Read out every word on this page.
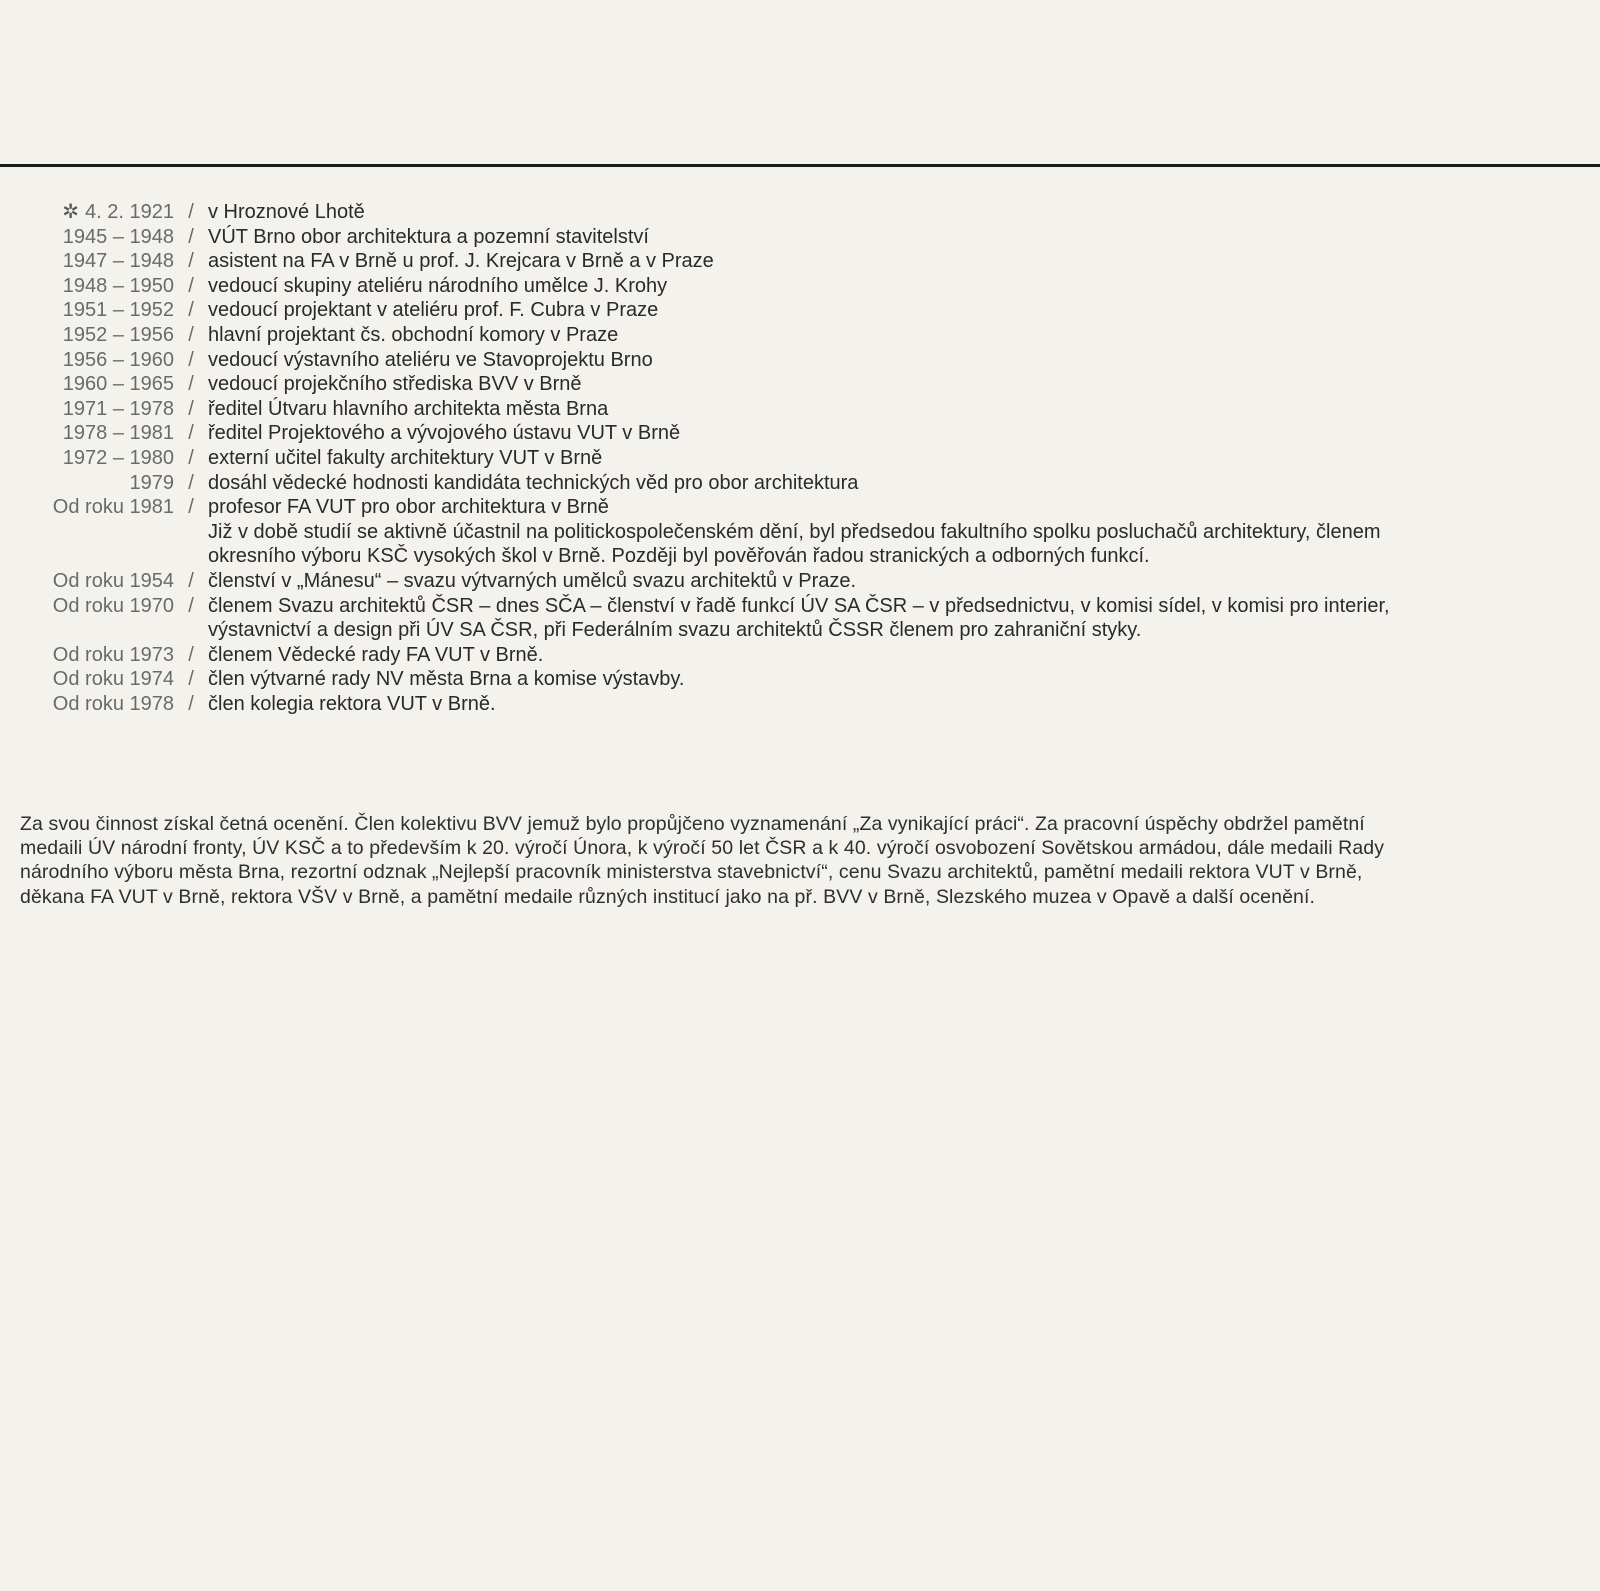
✲ 4. 2. 1921 / v Hroznové Lhotě
1945 – 1948 / VÚT Brno obor architektura a pozemní stavitelství
1947 – 1948 / asistent na FA v Brně u prof. J. Krejcara v Brně a v Praze
1948 – 1950 / vedoucí skupiny ateliéru národního umělce J. Krohy
1951 – 1952 / vedoucí projektant v ateliéru prof. F. Cubra v Praze
1952 – 1956 / hlavní projektant čs. obchodní komory v Praze
1956 – 1960 / vedoucí výstavního ateliéru ve Stavoprojektu Brno
1960 – 1965 / vedoucí projekčního střediska BVV v Brně
1971 – 1978 / ředitel Útvaru hlavního architekta města Brna
1978 – 1981 / ředitel Projektového a vývojového ústavu VUT v Brně
1972 – 1980 / externí učitel fakulty architektury VUT v Brně
1979 / dosáhl vědecké hodnosti kandidáta technických věd pro obor architektura
Od roku 1981 / profesor FA VUT pro obor architektura v Brně
Již v době studií se aktivně účastnil na politickospolečenském dění, byl předsedou fakultního spolku posluchačů architektury, členem okresního výboru KSČ vysokých škol v Brně. Později byl pověřován řadou stranických a odborných funkcí.
Od roku 1954 / členství v „Mánesu“ – svazu výtvarných umělců svazu architektů v Praze.
Od roku 1970 / členem Svazu architektů ČSR – dnes SČA – členství v řadě funkcí ÚV SA ČSR – v předsednictvu, v komisi sídel, v komisi pro interier, výstavnictví a design při ÚV SA ČSR, při Federálním svazu architektů ČSSR členem pro zahraniční styky.
Od roku 1973 / členem Vědecké rady FA VUT v Brně.
Od roku 1974 / člen výtvarné rady NV města Brna a komise výstavby.
Od roku 1978 / člen kolegia rektora VUT v Brně.

Za svou činnost získal četná ocenění. Člen kolektivu BVV jemuž bylo propůjčeno vyznamenání „Za vynikající práci“. Za pracovní úspěchy obdržel pamětní medaili ÚV národní fronty, ÚV KSČ a to především k 20. výročí Února, k výročí 50 let ČSR a k 40. výročí osvobození Sovětskou armádou, dále medaili Rady národního výboru města Brna, rezortní odznak „Nejlepší pracovník ministerstva stavebnictví“, cenu Svazu architektů, pamětní medaili rektora VUT v Brně, děkana FA VUT v Brně, rektora VŠV v Brně, a pamětní medaile různých institucí jako na př. BVV v Brně, Slezského muzea v Opavě a další ocenění.
